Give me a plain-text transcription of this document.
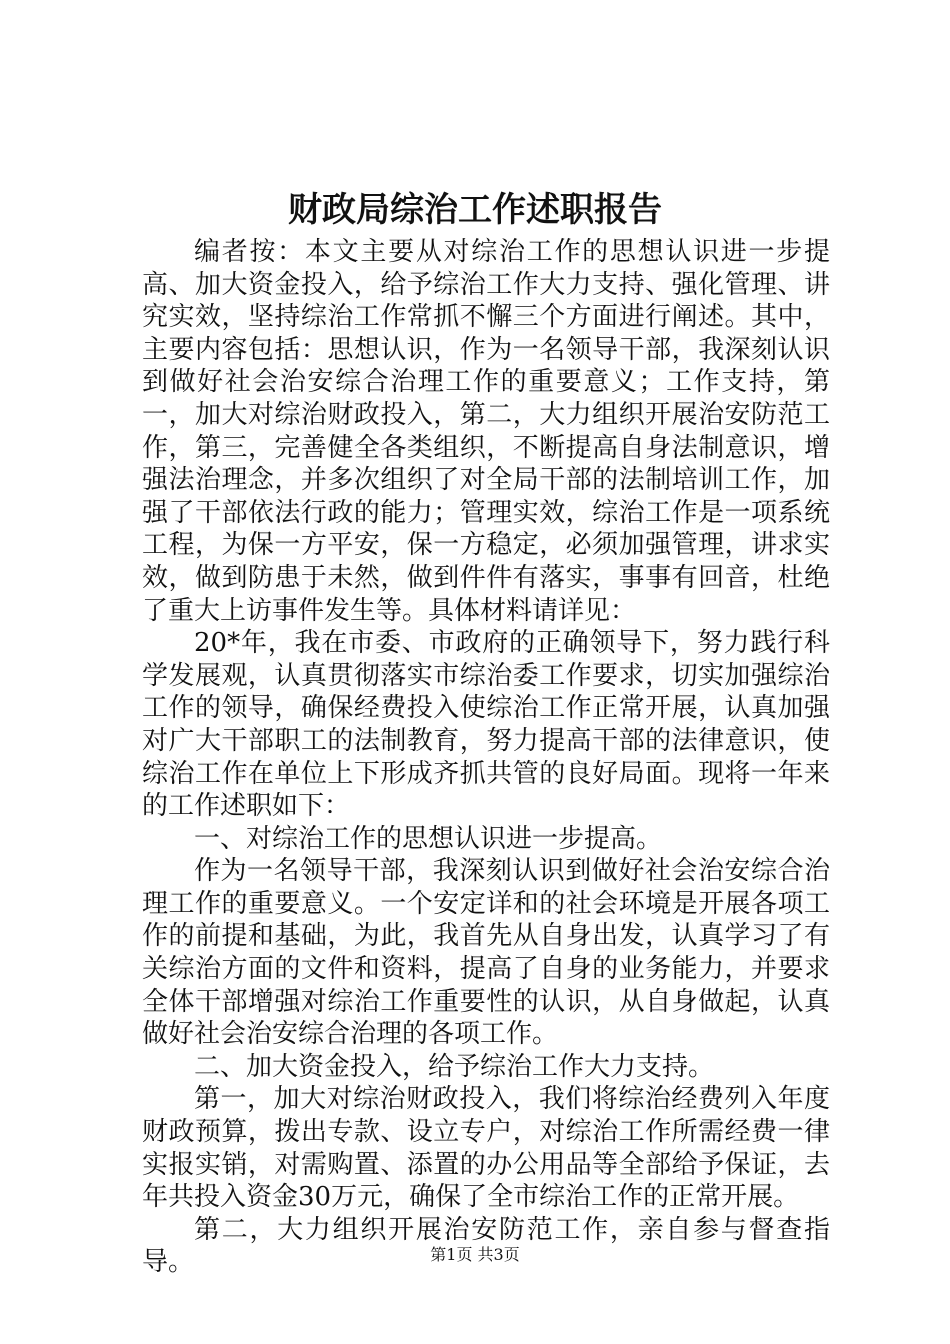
财政局综治工作述职报告

编者按：本文主要从对综治工作的思想认识进一步提高、加大资金投入，给予综治工作大力支持、强化管理、讲究实效，坚持综治工作常抓不懈三个方面进行阐述。其中，主要内容包括：思想认识，作为一名领导干部，我深刻认识到做好社会治安综合治理工作的重要意义；工作支持，第一，加大对综治财政投入，第二，大力组织开展治安防范工作，第三，完善健全各类组织，不断提高自身法制意识，增强法治理念，并多次组织了对全局干部的法制培训工作，加强了干部依法行政的能力；管理实效，综治工作是一项系统工程，为保一方平安，保一方稳定，必须加强管理，讲求实效，做到防患于未然，做到件件有落实，事事有回音，杜绝了重大上访事件发生等。具体材料请详见：

20*年，我在市委、市政府的正确领导下，努力践行科学发展观，认真贯彻落实市综治委工作要求，切实加强综治工作的领导，确保经费投入使综治工作正常开展，认真加强对广大干部职工的法制教育，努力提高干部的法律意识，使综治工作在单位上下形成齐抓共管的良好局面。现将一年来的工作述职如下：

一、对综治工作的思想认识进一步提高。

作为一名领导干部，我深刻认识到做好社会治安综合治理工作的重要意义。一个安定详和的社会环境是开展各项工作的前提和基础，为此，我首先从自身出发，认真学习了有关综治方面的文件和资料，提高了自身的业务能力，并要求全体干部增强对综治工作重要性的认识，从自身做起，认真做好社会治安综合治理的各项工作。

二、加大资金投入，给予综治工作大力支持。

第一，加大对综治财政投入，我们将综治经费列入年度财政预算，拨出专款、设立专户，对综治工作所需经费一律实报实销，对需购置、添置的办公用品等全部给予保证，去年共投入资金30万元，确保了全市综治工作的正常开展。

第二，大力组织开展治安防范工作，亲自参与督查指导。	第1页 共3页
